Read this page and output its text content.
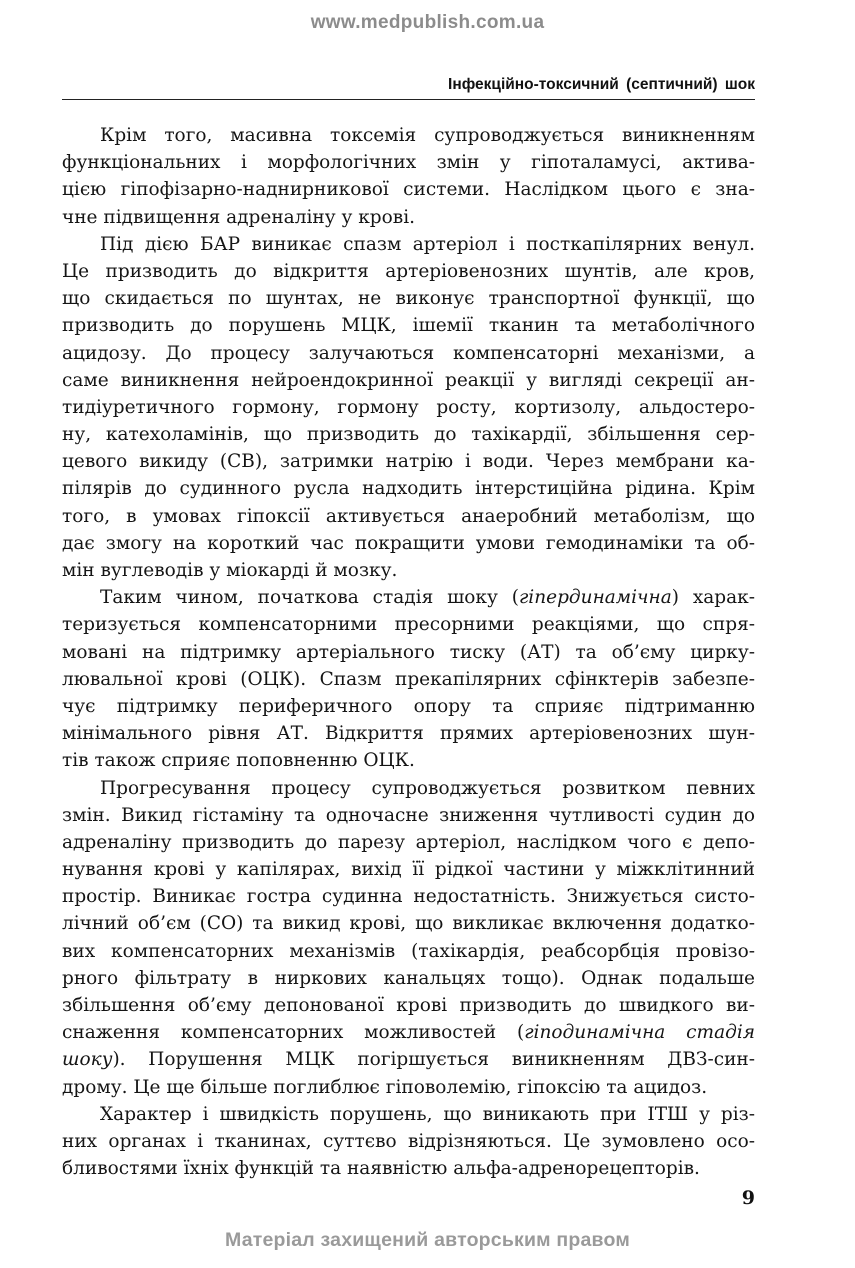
www.medpublish.com.ua
Інфекційно-токсичний (септичний) шок
Крім того, масивна токсемія супроводжується виникненням
функціональних і морфологічних змін у гіпоталамусі, активa-
цією гіпофізарно-наднирникової системи. Наслідком цього є зна-
чне підвищення адреналіну у крові.
Під дією БАР виникає спазм артеріол і посткапілярних венул.
Це призводить до відкриття артеріовенозних шунтів, але кров,
що скидається по шунтах, не виконує транспортної функції, що
призводить до порушень МЦК, ішемії тканин та метаболічного
ацидозу. До процесу залучаються компенсаторні механізми, а
саме виникнення нейроендокринної реакції у вигляді секреції ан-
тидіуретичного гормону, гормону росту, кортизолу, альдостеро-
ну, катехоламінів, що призводить до тахікардії, збільшення сер-
цевого викиду (СВ), затримки натрію і води. Через мембрани ка-
пілярів до судинного русла надходить інтерстиційна рідина. Крім
того, в умовах гіпоксії активується анаеробний метаболізм, що
дає змогу на короткий час покращити умови гемодинаміки та об-
мін вуглеводів у міокарді й мозку.
Таким чином, початкова стадія шоку (гіпердинамічна) харак-
теризується компенсаторними пресорними реакціями, що спря-
мовані на підтримку артеріального тиску (АТ) та об’єму цирку-
лювальної крові (ОЦК). Спазм прекапілярних сфінктерів забезпе-
чує підтримку периферичного опору та сприяє підтриманню
мінімального рівня АТ. Відкриття прямих артеріовенозних шун-
тів також сприяє поповненню ОЦК.
Прогресування процесу супроводжується розвитком певних
змін. Викид гістаміну та одночасне зниження чутливості судин до
адреналіну призводить до парезу артеріол, наслідком чого є депо-
нування крові у капілярах, вихід її рідкої частини у міжклітинний
простір. Виникає гостра судинна недостатність. Знижується систо-
лічний об’єм (СО) та викид крові, що викликає включення додатко-
вих компенсаторних механізмів (тахікардія, реабсорбція провізо-
рного фільтрату в ниркових канальцях тощо). Однак подальше
збільшення об’єму депонованої крові призводить до швидкого ви-
снаження компенсаторних можливостей (гіподинамічна стадія
шоку). Порушення МЦК погіршується виникненням ДВЗ-син-
дрому. Це ще більше поглиблює гіповолемію, гіпоксію та ацидоз.
Характер і швидкість порушень, що виникають при ІТШ у різ-
них органах і тканинах, суттєво відрізняються. Це зумовлено осо-
бливостями їхніх функцій та наявністю альфа-адренорецепторів.
9
Матеріал захищений авторським правом
